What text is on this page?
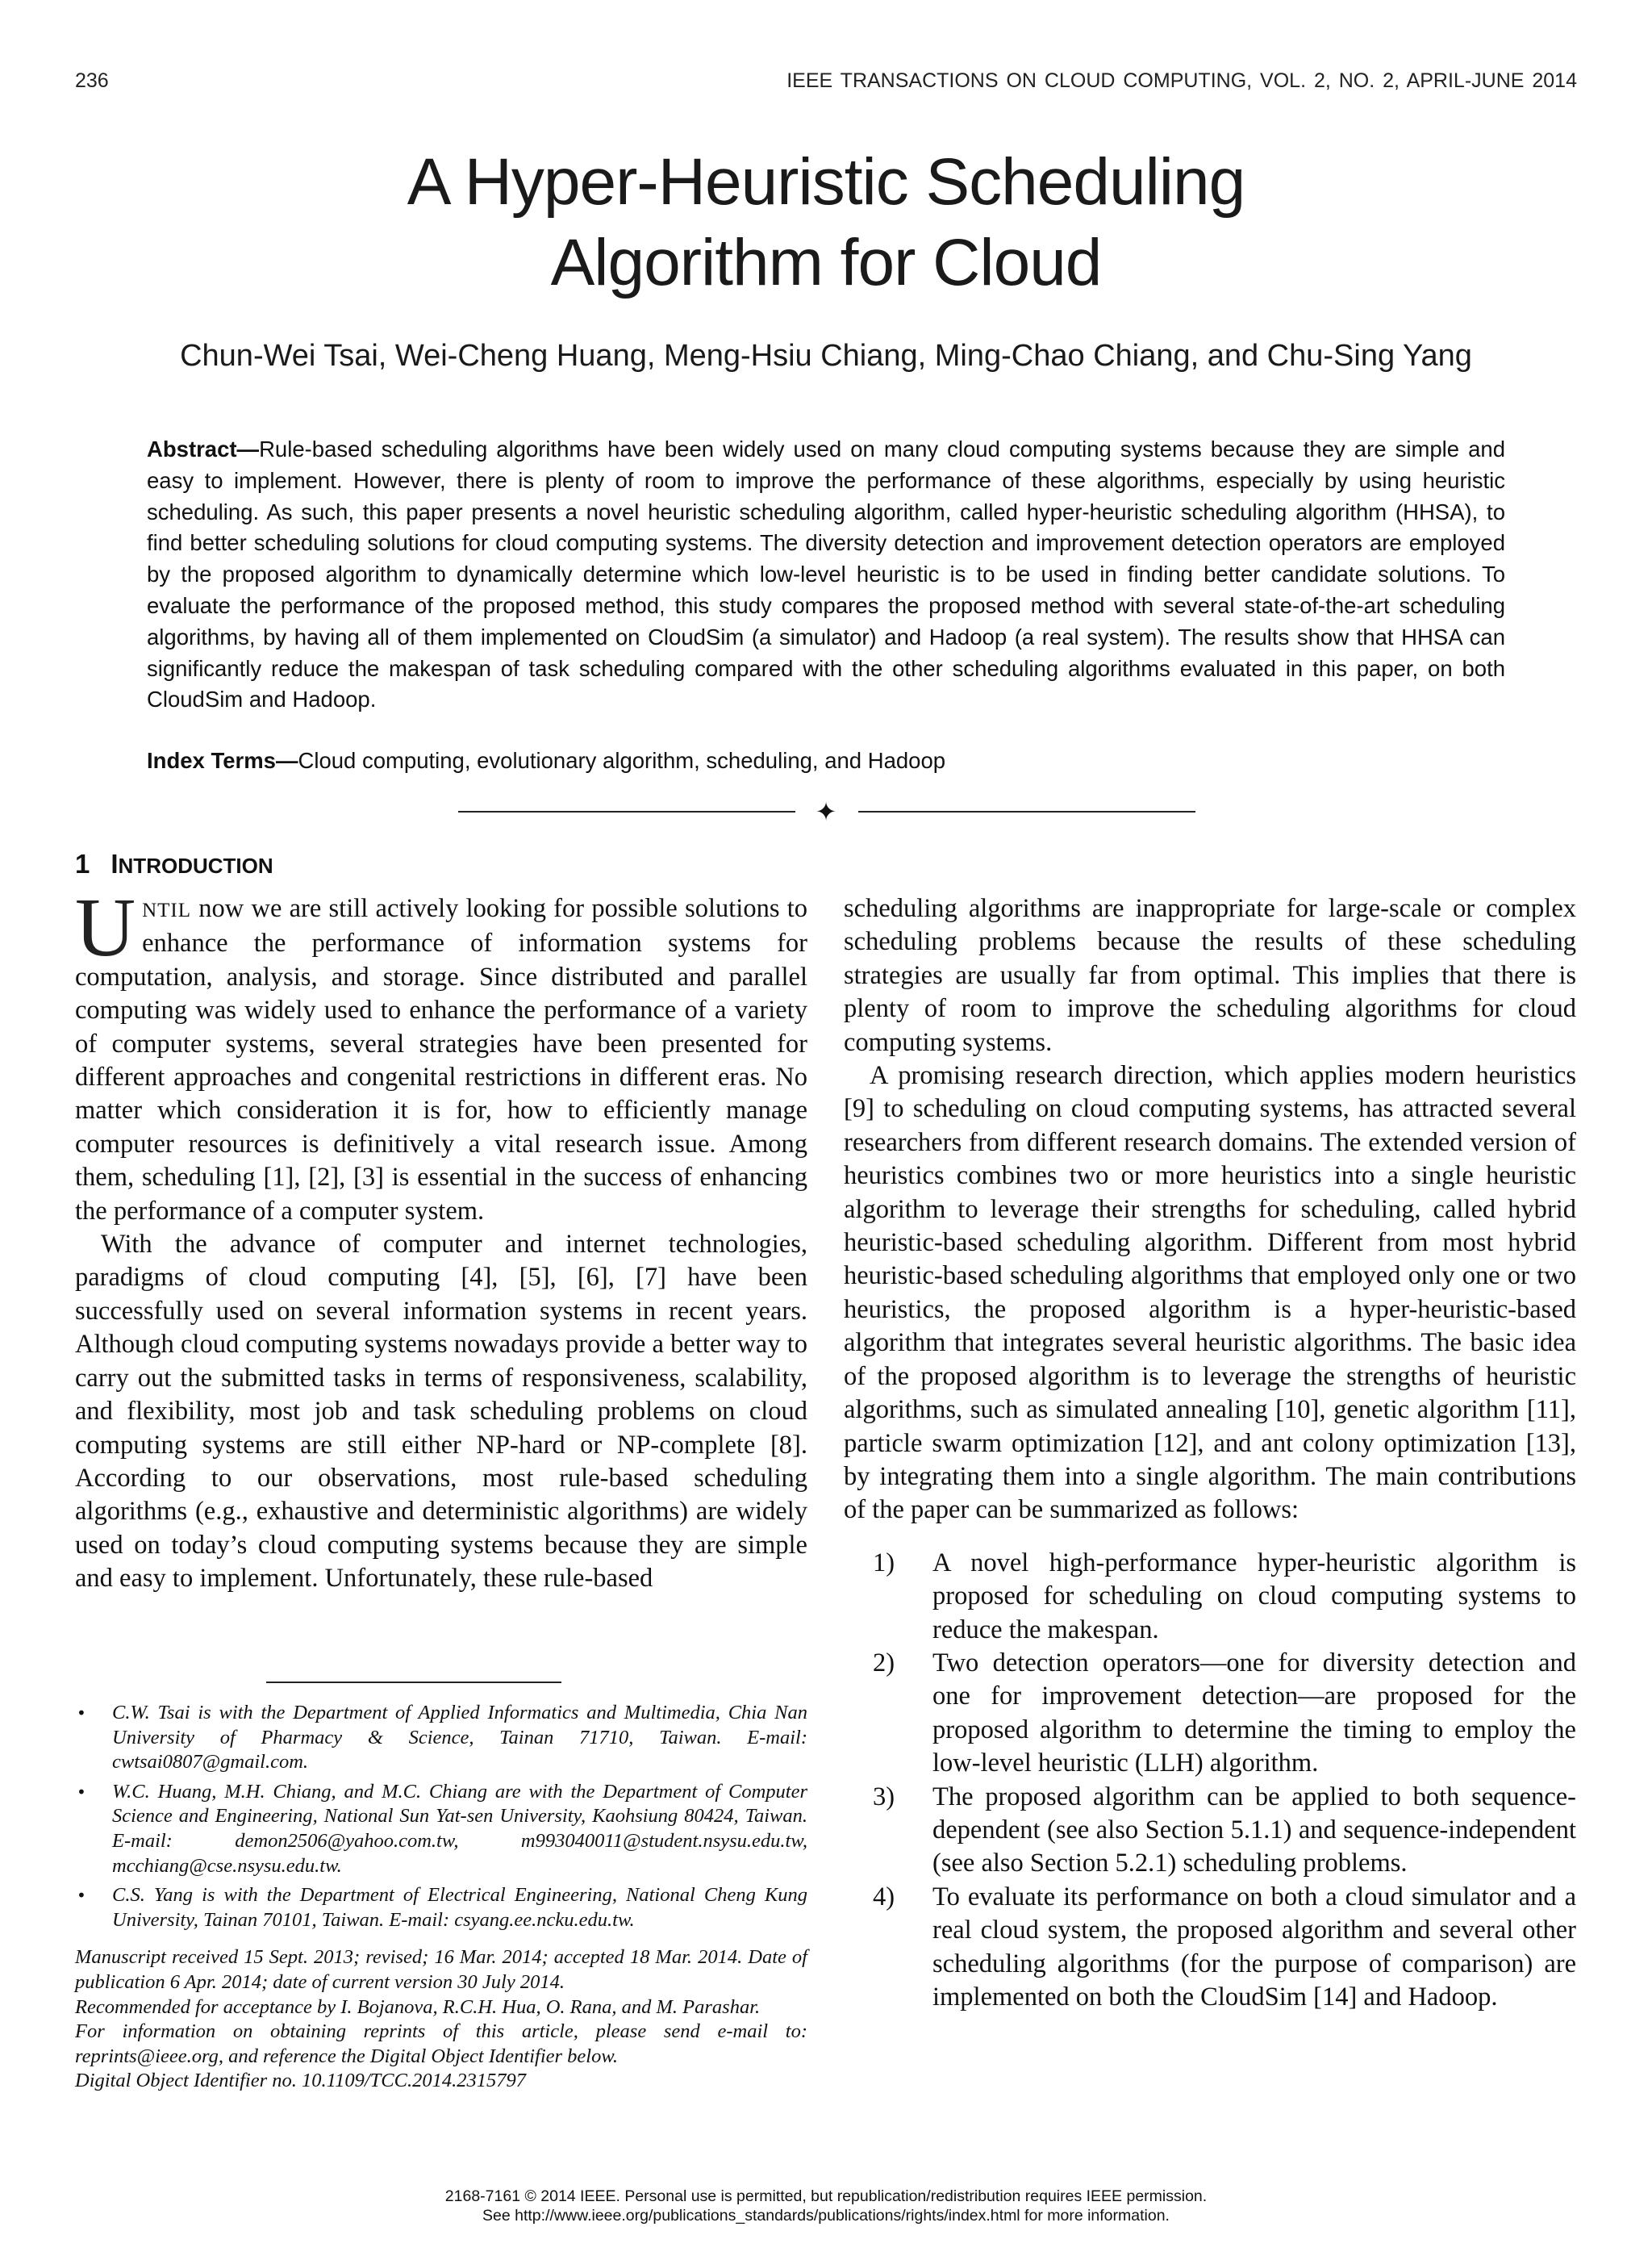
236	IEEE TRANSACTIONS ON CLOUD COMPUTING, VOL. 2, NO. 2, APRIL-JUNE 2014
A Hyper-Heuristic Scheduling
Algorithm for Cloud
Chun-Wei Tsai, Wei-Cheng Huang, Meng-Hsiu Chiang, Ming-Chao Chiang, and Chu-Sing Yang
Abstract—Rule-based scheduling algorithms have been widely used on many cloud computing systems because they are simple and easy to implement. However, there is plenty of room to improve the performance of these algorithms, especially by using heuristic scheduling. As such, this paper presents a novel heuristic scheduling algorithm, called hyper-heuristic scheduling algorithm (HHSA), to find better scheduling solutions for cloud computing systems. The diversity detection and improvement detection operators are employed by the proposed algorithm to dynamically determine which low-level heuristic is to be used in finding better candidate solutions. To evaluate the performance of the proposed method, this study compares the proposed method with several state-of-the-art scheduling algorithms, by having all of them implemented on CloudSim (a simulator) and Hadoop (a real system). The results show that HHSA can significantly reduce the makespan of task scheduling compared with the other scheduling algorithms evaluated in this paper, on both CloudSim and Hadoop.
Index Terms—Cloud computing, evolutionary algorithm, scheduling, and Hadoop
✦
1 INTRODUCTION

UNTIL now we are still actively looking for possible solutions to enhance the performance of information systems for computation, analysis, and storage. Since distributed and parallel computing was widely used to enhance the performance of a variety of computer systems, several strategies have been presented for different approaches and congenital restrictions in different eras. No matter which consideration it is for, how to efficiently manage computer resources is definitively a vital research issue. Among them, scheduling [1], [2], [3] is essential in the success of enhancing the performance of a computer system.

With the advance of computer and internet technologies, paradigms of cloud computing [4], [5], [6], [7] have been successfully used on several information systems in recent years. Although cloud computing systems nowadays provide a better way to carry out the submitted tasks in terms of responsiveness, scalability, and flexibility, most job and task scheduling problems on cloud computing systems are still either NP-hard or NP-complete [8]. According to our observations, most rule-based scheduling algorithms (e.g., exhaustive and deterministic algorithms) are widely used on today’s cloud computing systems because they are simple and easy to implement. Unfortunately, these rule-based

scheduling algorithms are inappropriate for large-scale or complex scheduling problems because the results of these scheduling strategies are usually far from optimal. This implies that there is plenty of room to improve the scheduling algorithms for cloud computing systems.

A promising research direction, which applies modern heuristics [9] to scheduling on cloud computing systems, has attracted several researchers from different research domains. The extended version of heuristics combines two or more heuristics into a single heuristic algorithm to leverage their strengths for scheduling, called hybrid heuristic-based scheduling algorithm. Different from most hybrid heuristic-based scheduling algorithms that employed only one or two heuristics, the proposed algorithm is a hyper-heuristic-based algorithm that integrates several heuristic algorithms. The basic idea of the proposed algorithm is to leverage the strengths of heuristic algorithms, such as simulated annealing [10], genetic algorithm [11], particle swarm optimization [12], and ant colony optimization [13], by integrating them into a single algorithm. The main contributions of the paper can be summarized as follows:

1) A novel high-performance hyper-heuristic algorithm is proposed for scheduling on cloud computing systems to reduce the makespan.
2) Two detection operators—one for diversity detection and one for improvement detection—are proposed for the proposed algorithm to determine the timing to employ the low-level heuristic (LLH) algorithm.
3) The proposed algorithm can be applied to both sequence-dependent (see also Section 5.1.1) and sequence-independent (see also Section 5.2.1) scheduling problems.
4) To evaluate its performance on both a cloud simulator and a real cloud system, the proposed algorithm and several other scheduling algorithms (for the purpose of comparison) are implemented on both the CloudSim [14] and Hadoop.
• C.W. Tsai is with the Department of Applied Informatics and Multimedia, Chia Nan University of Pharmacy & Science, Tainan 71710, Taiwan. E-mail: cwtsai0807@gmail.com.
• W.C. Huang, M.H. Chiang, and M.C. Chiang are with the Department of Computer Science and Engineering, National Sun Yat-sen University, Kaohsiung 80424, Taiwan. E-mail: demon2506@yahoo.com.tw, m993040011@student.nsysu.edu.tw, mcchiang@cse.nsysu.edu.tw.
• C.S. Yang is with the Department of Electrical Engineering, National Cheng Kung University, Tainan 70101, Taiwan. E-mail: csyang.ee.ncku.edu.tw.
Manuscript received 15 Sept. 2013; revised; 16 Mar. 2014; accepted 18 Mar. 2014. Date of publication 6 Apr. 2014; date of current version 30 July 2014.
Recommended for acceptance by I. Bojanova, R.C.H. Hua, O. Rana, and M. Parashar.
For information on obtaining reprints of this article, please send e-mail to: reprints@ieee.org, and reference the Digital Object Identifier below.
Digital Object Identifier no. 10.1109/TCC.2014.2315797
2168-7161 © 2014 IEEE. Personal use is permitted, but republication/redistribution requires IEEE permission.
See http://www.ieee.org/publications_standards/publications/rights/index.html for more information.
